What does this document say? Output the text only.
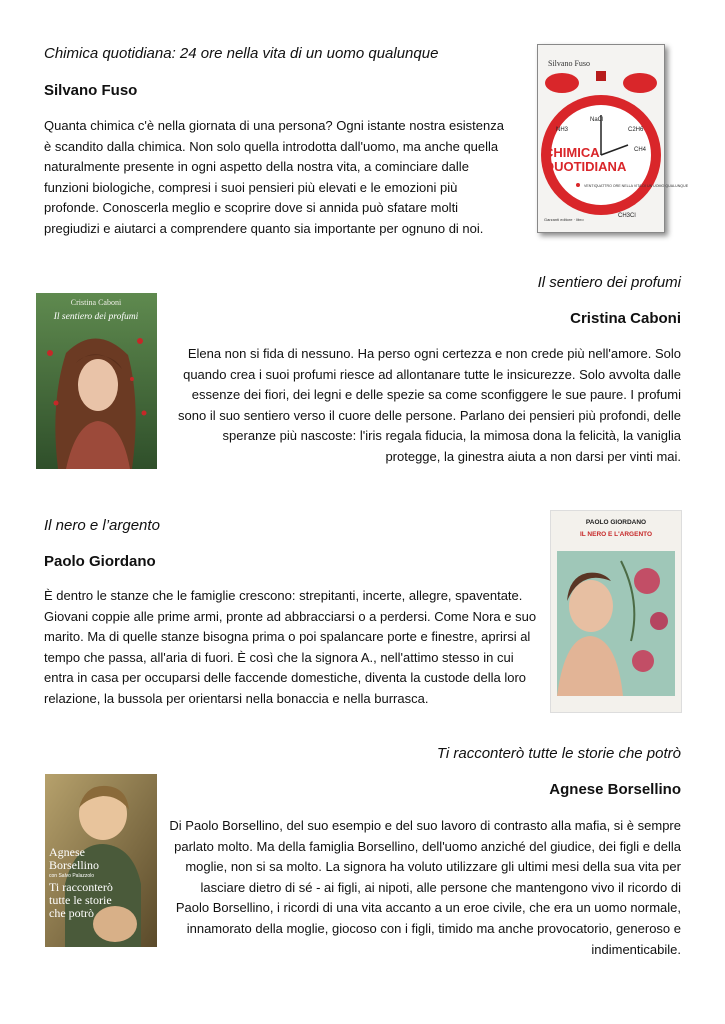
Chimica quotidiana: 24 ore nella vita di un uomo qualunque
Silvano Fuso
Quanta chimica c'è nella giornata di una persona? Ogni istante nostra esistenza è scandito dalla chimica. Non solo quella introdotta dall'uomo, ma anche quella naturalmente presente in ogni aspetto della nostra vita, a cominciare dalle funzioni biologiche, compresi i suoi pensieri più elevati e le emozioni più profonde. Conoscerla meglio e scoprire dove si annida può sfatare molti pregiudizi e aiutarci a comprendere quanto sia importante per ognuno di noi.
Silvano Fuso
NaCl
NH3	C2H6
CH4
CH3Cl
CHIMICA
QUOTIDIANA
VENTIQUATTRO ORE NELLA VITA DI UN UOMO QUALUNQUE
Garzanti editore · libro
Il sentiero dei profumi
Cristina Caboni
Elena non si fida di nessuno. Ha perso ogni certezza e non crede più nell'amore. Solo quando crea i suoi profumi riesce ad allontanare tutte le insicurezze. Solo avvolta dalle essenze dei fiori, dei legni e delle spezie sa come sconfiggere le sue paure. I profumi sono il suo sentiero verso il cuore delle persone. Parlano dei pensieri più profondi, delle speranze più nascoste: l'iris regala fiducia, la mimosa dona la felicità, la vaniglia protegge, la ginestra aiuta a non darsi per vinti mai.
Cristina Caboni
Il sentiero dei profumi
Il nero e l’argento
Paolo Giordano
È dentro le stanze che le famiglie crescono: strepitanti, incerte, allegre, spaventate. Giovani coppie alle prime armi, pronte ad abbracciarsi o a perdersi. Come Nora e suo marito. Ma di quelle stanze bisogna prima o poi spalancare porte e finestre, aprirsi al tempo che passa, all'aria di fuori. È così che la signora A., nell'attimo stesso in cui entra in casa per occuparsi delle faccende domestiche, diventa la custode della loro relazione, la bussola per orientarsi nella bonaccia e nella burrasca.
PAOLO GIORDANO
IL NERO E L'ARGENTO
Ti racconterò tutte le storie che potrò
Agnese Borsellino
Di Paolo Borsellino, del suo esempio e del suo lavoro di contrasto alla mafia, si è sempre parlato molto. Ma della famiglia Borsellino, dell'uomo anziché del giudice, dei figli e della moglie, non si sa molto. La signora ha voluto utilizzare gli ultimi mesi della sua vita per lasciare dietro di sé - ai figli, ai nipoti, alle persone che mantengono vivo il ricordo di Paolo Borsellino, i ricordi di una vita accanto a un eroe civile, che era un uomo normale, innamorato della moglie, giocoso con i figli, timido ma anche provocatorio, generoso e indimenticabile.
Agnese
Borsellino
con Salvo Palazzolo
Ti racconterò
tutte le storie
che potrò
